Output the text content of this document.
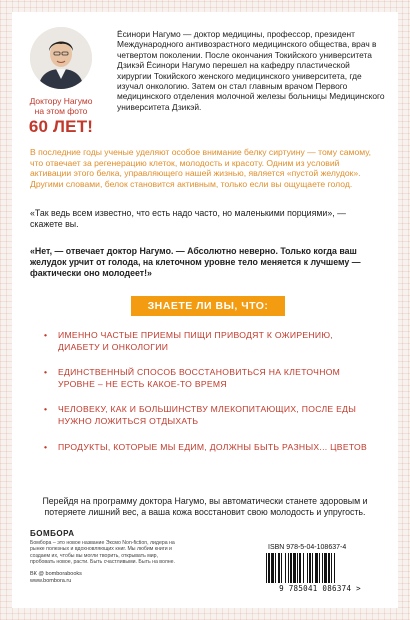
Доктору Нагумо
на этом фото
60 ЛЕТ!
Ёсинори Нагумо — доктор медицины, профессор, президент Международного антивозрастного медицинского общества, врач в четвертом поколении. После окончания Токийского университета Дзикэй Ёсинори Нагумо перешел на кафедру пластической хирургии Токийского женского медицинского университета, где изучал онкологию. Затем он стал главным врачом Первого медицинского отделения молочной железы больницы Медицинского университета Дзикэй.
В последние годы ученые уделяют особое внимание белку сиртуину — тому самому, что отвечает за регенерацию клеток, молодость и красоту. Одним из условий активации этого белка, управляющего нашей жизнью, является «пустой желудок». Другими словами, белок становится активным, только если вы ощущаете голод.
«Так ведь всем известно, что есть надо часто, но маленькими порциями», — скажете вы.
«Нет, — отвечает доктор Нагумо. — Абсолютно неверно. Только когда ваш желудок урчит от голода, на клеточном уровне тело меняется к лучшему — фактически оно молодеет!»
ЗНАЕТЕ ЛИ ВЫ, ЧТО:
• ИМЕННО ЧАСТЫЕ ПРИЕМЫ ПИЩИ ПРИВОДЯТ К ОЖИРЕНИЮ, ДИАБЕТУ И ОНКОЛОГИИ
• ЕДИНСТВЕННЫЙ СПОСОБ ВОССТАНОВИТЬСЯ НА КЛЕТОЧНОМ УРОВНЕ – НЕ ЕСТЬ КАКОЕ-ТО ВРЕМЯ
• ЧЕЛОВЕКУ, КАК И БОЛЬШИНСТВУ МЛЕКОПИТАЮЩИХ, ПОСЛЕ ЕДЫ НУЖНО ЛОЖИТЬСЯ ОТДЫХАТЬ
• ПРОДУКТЫ, КОТОРЫЕ МЫ ЕДИМ, ДОЛЖНЫ БЫТЬ РАЗНЫХ... ЦВЕТОВ
Перейдя на программу доктора Нагумо, вы автоматически станете здоровым и потеряете лишний вес, а ваша кожа восстановит свою молодость и упругость.
БОМБОРА
Бомбора – это новое название Эксмо Non-fiction, лидера на рынке полезных и вдохновляющих книг. Мы любим книги и создаем их, чтобы вы могли творить, открывать мир, пробовать новое, расти. Быть счастливыми. Быть на волне.
ВК @ bomborabooks
www.bombora.ru
ISBN 978-5-04-108637-4
9 785041 086374 >
